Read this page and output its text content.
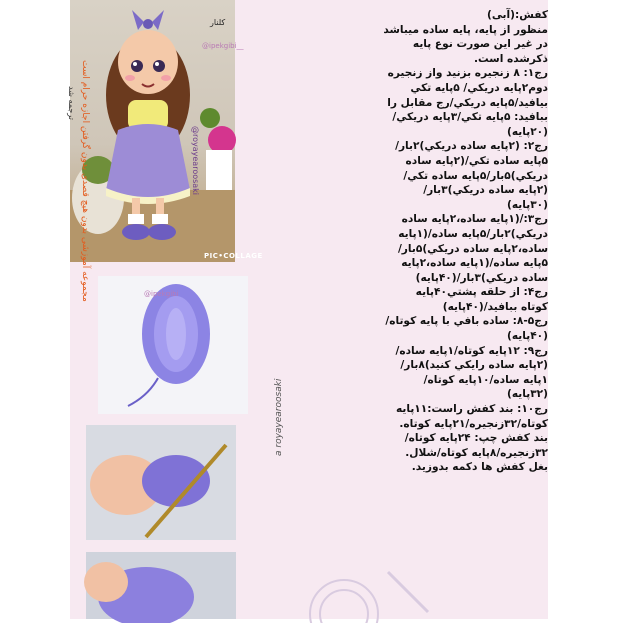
كلنار
@ipekgibi__
@royayearoosaki
PIC•COLLAGE
@ipekgibi
مجموعه آموزشی بدون هیچ قصدی بدون گرفتن اجازه حرام است
ترجمه شد
a royayearoosaki

کفش:(آبی)

منظور از پایه، پایه ساده میباشد

در غیر این صورت نوع پایه

ذکرشده است.

رج۱: ۸ زنجیره بزنید واز زنجیره

دوم۲پایه دریکي/ ۵پایه تکي

بیافید/۵پایه دریکي/رج مقابل را

ببافید: ۵پایه تکي/۳پایه دریکي/

(۲۰پایه)

رج۲: (۲پایه ساده دریکي)۲بار/

۵پایه ساده تکي/(۲پایه ساده

دریکي)۵بار/۵پایه ساده تکي/

(۲پایه ساده دریکي)۳بار/

(۳۰پایه)

رج۳:/(۱پایه ساده،۲پایه ساده

دریکي)۲بار/۵پایه ساده/(۱پایه

ساده،۲پایه ساده دریکي)۵بار/

۵پایه ساده/(۱پایه ساده،۲پایه

ساده دریکي)۳بار/(۴۰پایه)

رج۴: از حلقه پشتي۴۰پایه

کوتاه ببافید/(۴۰پایه)

رج۵-۸: ساده بافي با پایه کوتاه/

(۴۰پایه)

رج۹: ۱۲پایه کوتاه/۱پایه ساده/

(۲پایه ساده رایکي کنید)۸بار/

۱پایه ساده/۱۰پایه کوتاه/

(۳۲پایه)

رج۱۰: بند کفش راست:۱۱پایه

کوتاه/۳۲زنجیره/۲۱پایه کوتاه.

بند کفش چپ: ۲۴پایه کوتاه/

۳۲زنجیره/۸پایه کوتاه/شلال.

بغل کفش ها دکمه بدوزید.
